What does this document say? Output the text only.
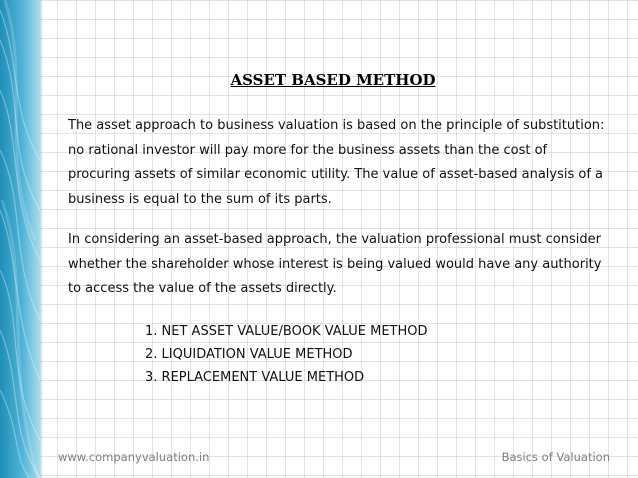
ASSET BASED METHOD

The asset approach to business valuation is based on the principle of substitution: no rational investor will pay more for the business assets than the cost of procuring assets of similar economic utility. The value of asset-based analysis of a business is equal to the sum of its parts.

In considering an asset-based approach, the valuation professional must consider whether the shareholder whose interest is being valued would have any authority to access the value of the assets directly.

1. NET ASSET VALUE/BOOK VALUE METHOD
2. LIQUIDATION VALUE METHOD
3. REPLACEMENT VALUE METHOD
www.companyvaluation.in	Basics of Valuation
